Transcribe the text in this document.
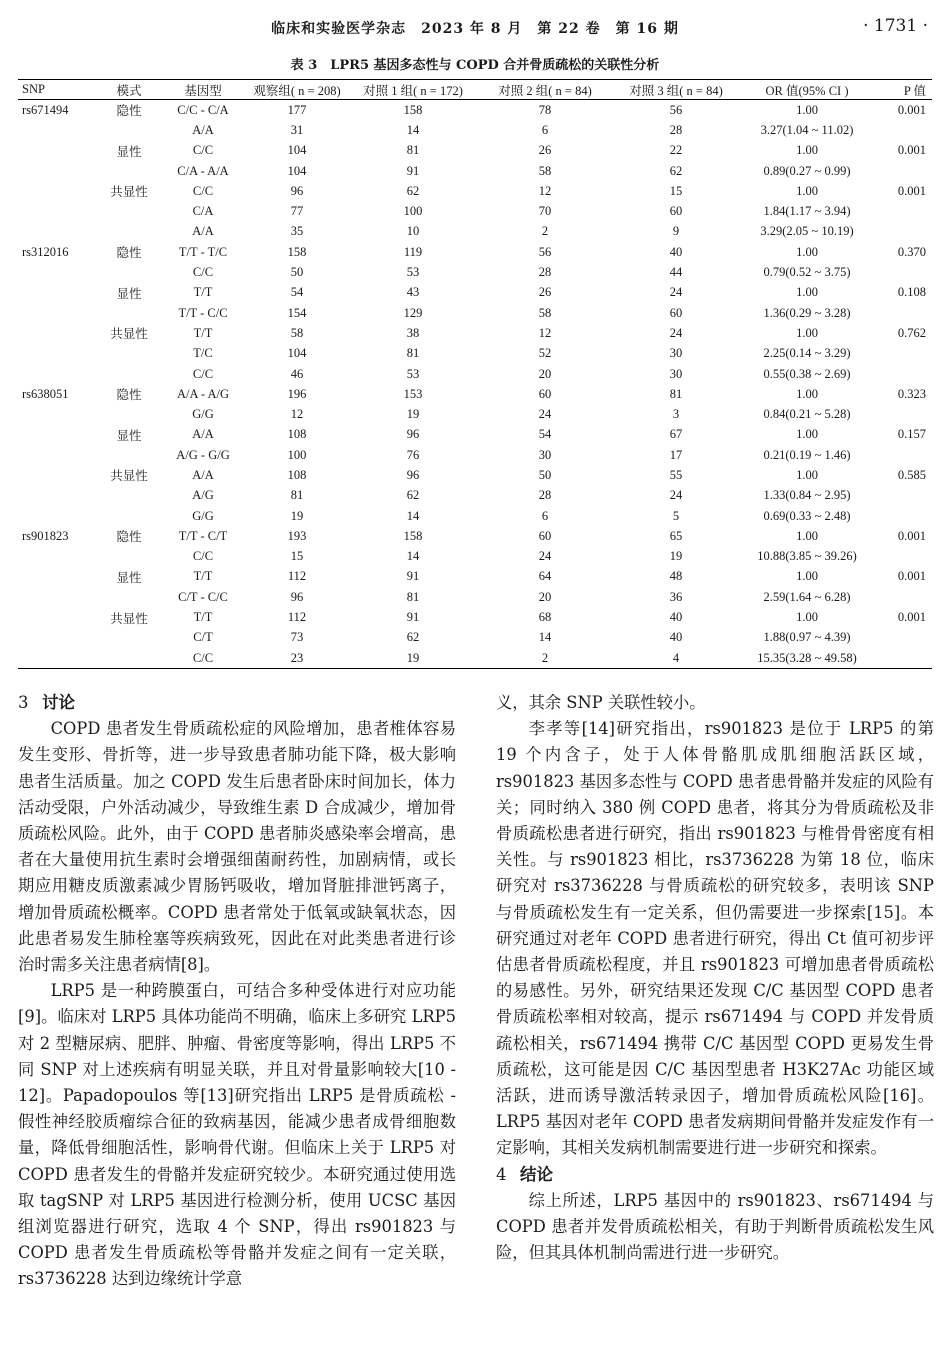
临床和实验医学杂志　2023 年 8 月　第 22 卷　第 16 期	· 1731 ·
表 3　LPR5 基因多态性与 COPD 合并骨质疏松的关联性分析
SNP	模式	基因型	观察组( n = 208)	对照 1 组( n = 172)	对照 2 组( n = 84)	对照 3 组( n = 84)	OR 值(95% CI )	P 值
rs671494	隐性	C/C - C/A	177	158	78	56	1.00	0.001
		A/A	31	14	6	28	3.27(1.04 ~ 11.02)	
	显性	C/C	104	81	26	22	1.00	0.001
		C/A - A/A	104	91	58	62	0.89(0.27 ~ 0.99)	
	共显性	C/C	96	62	12	15	1.00	0.001
		C/A	77	100	70	60	1.84(1.17 ~ 3.94)	
		A/A	35	10	2	9	3.29(2.05 ~ 10.19)	
rs312016	隐性	T/T - T/C	158	119	56	40	1.00	0.370
		C/C	50	53	28	44	0.79(0.52 ~ 3.75)	
	显性	T/T	54	43	26	24	1.00	0.108
		T/T - C/C	154	129	58	60	1.36(0.29 ~ 3.28)	
	共显性	T/T	58	38	12	24	1.00	0.762
		T/C	104	81	52	30	2.25(0.14 ~ 3.29)	
		C/C	46	53	20	30	0.55(0.38 ~ 2.69)	
rs638051	隐性	A/A - A/G	196	153	60	81	1.00	0.323
		G/G	12	19	24	3	0.84(0.21 ~ 5.28)	
	显性	A/A	108	96	54	67	1.00	0.157
		A/G - G/G	100	76	30	17	0.21(0.19 ~ 1.46)	
	共显性	A/A	108	96	50	55	1.00	0.585
		A/G	81	62	28	24	1.33(0.84 ~ 2.95)	
		G/G	19	14	6	5	0.69(0.33 ~ 2.48)	
rs901823	隐性	T/T - C/T	193	158	60	65	1.00	0.001
		C/C	15	14	24	19	10.88(3.85 ~ 39.26)	
	显性	T/T	112	91	64	48	1.00	0.001
		C/T - C/C	96	81	20	36	2.59(1.64 ~ 6.28)	
	共显性	T/T	112	91	68	40	1.00	0.001
		C/T	73	62	14	40	1.88(0.97 ~ 4.39)	
		C/C	23	19	2	4	15.35(3.28 ~ 49.58)	
3 讨论

COPD 患者发生骨质疏松症的风险增加，患者椎体容易发生变形、骨折等，进一步导致患者肺功能下降，极大影响患者生活质量。加之 COPD 发生后患者卧床时间加长，体力活动受限，户外活动减少，导致维生素 D 合成减少，增加骨质疏松风险。此外，由于 COPD 患者肺炎感染率会增高，患者在大量使用抗生素时会增强细菌耐药性，加剧病情，或长期应用糖皮质激素减少胃肠钙吸收，增加肾脏排泄钙离子，增加骨质疏松概率。COPD 患者常处于低氧或缺氧状态，因此患者易发生肺栓塞等疾病致死，因此在对此类患者进行诊治时需多关注患者病情[8]。

LRP5 是一种跨膜蛋白，可结合多种受体进行对应功能[9]。临床对 LRP5 具体功能尚不明确，临床上多研究 LRP5 对 2 型糖尿病、肥胖、肿瘤、骨密度等影响，得出 LRP5 不同 SNP 对上述疾病有明显关联，并且对骨量影响较大[10 - 12]。Papadopoulos 等[13]研究指出 LRP5 是骨质疏松 - 假性神经胶质瘤综合征的致病基因，能减少患者成骨细胞数量，降低骨细胞活性，影响骨代谢。但临床上关于 LRP5 对 COPD 患者发生的骨骼并发症研究较少。本研究通过使用选取 tagSNP 对 LRP5 基因进行检测分析，使用 UCSC 基因组浏览器进行研究，选取 4 个 SNP，得出 rs901823 与 COPD 患者发生骨质疏松等骨骼并发症之间有一定关联，rs3736228 达到边缘统计学意

义，其余 SNP 关联性较小。

李孝等[14]研究指出，rs901823 是位于 LRP5 的第 19 个内含子，处于人体骨骼肌成肌细胞活跃区域，rs901823 基因多态性与 COPD 患者患骨骼并发症的风险有关；同时纳入 380 例 COPD 患者，将其分为骨质疏松及非骨质疏松患者进行研究，指出 rs901823 与椎骨骨密度有相关性。与 rs901823 相比，rs3736228 为第 18 位，临床研究对 rs3736228 与骨质疏松的研究较多，表明该 SNP 与骨质疏松发生有一定关系，但仍需要进一步探索[15]。本研究通过对老年 COPD 患者进行研究，得出 Ct 值可初步评估患者骨质疏松程度，并且 rs901823 可增加患者骨质疏松的易感性。另外，研究结果还发现 C/C 基因型 COPD 患者骨质疏松率相对较高，提示 rs671494 与 COPD 并发骨质疏松相关，rs671494 携带 C/C 基因型 COPD 更易发生骨质疏松，这可能是因 C/C 基因型患者 H3K27Ac 功能区域活跃，进而诱导激活转录因子，增加骨质疏松风险[16]。LRP5 基因对老年 COPD 患者发病期间骨骼并发症发作有一定影响，其相关发病机制需要进行进一步研究和探索。

4 结论

综上所述，LRP5 基因中的 rs901823、rs671494 与 COPD 患者并发骨质疏松相关，有助于判断骨质疏松发生风险，但其具体机制尚需进行进一步研究。
